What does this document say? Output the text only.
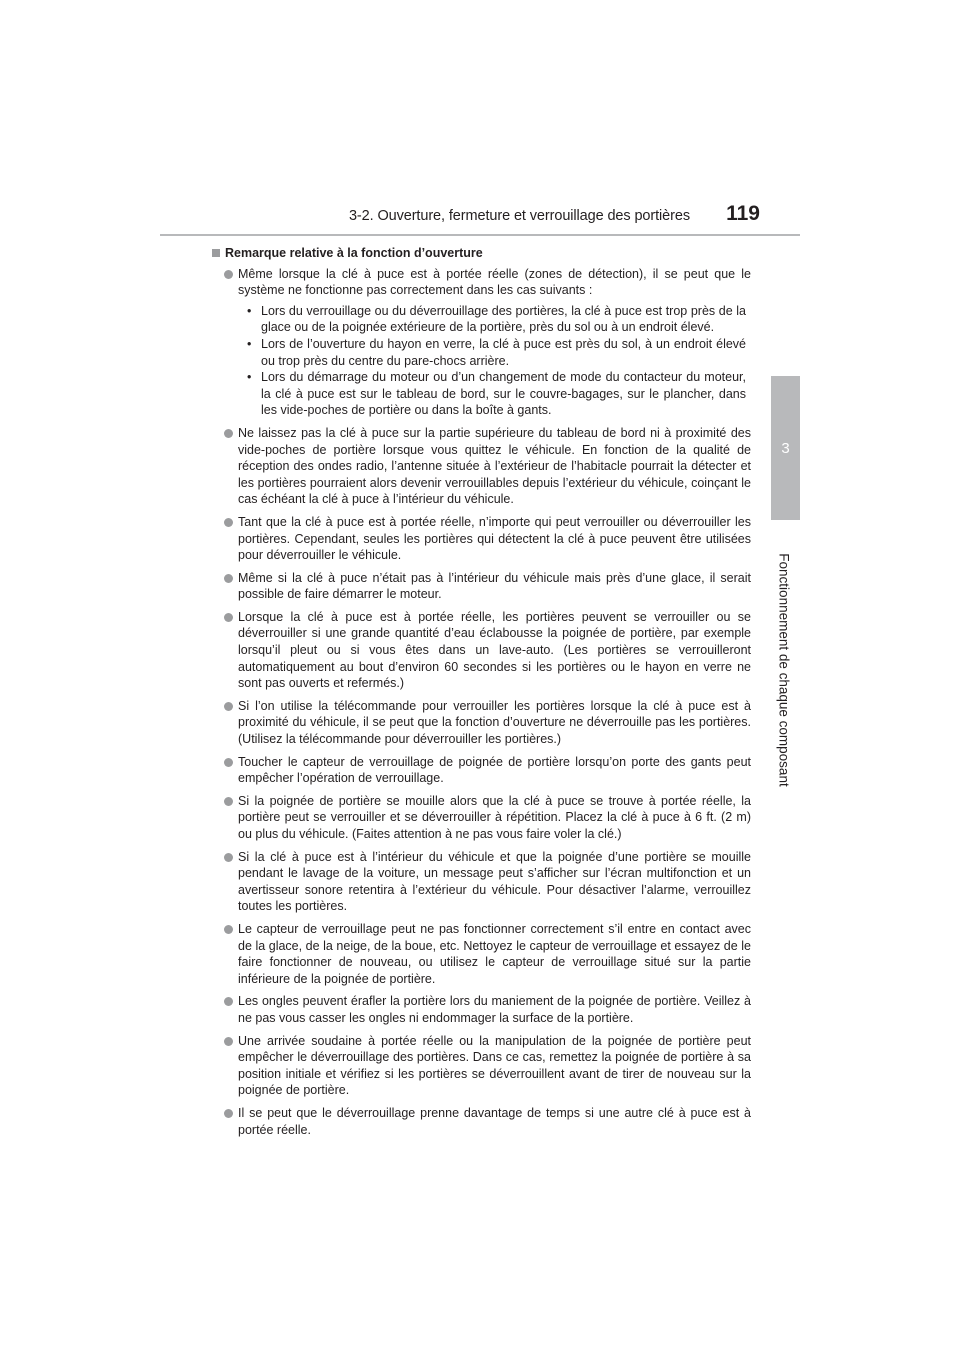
3-2. Ouverture, fermeture et verrouillage des portières 119
3
Fonctionnement de chaque composant
Remarque relative à la fonction d’ouverture
Même lorsque la clé à puce est à portée réelle (zones de détection), il se peut que le système ne fonctionne pas correctement dans les cas suivants :
• Lors du verrouillage ou du déverrouillage des portières, la clé à puce est trop près de la glace ou de la poignée extérieure de la portière, près du sol ou à un endroit élevé.
• Lors de l’ouverture du hayon en verre, la clé à puce est près du sol, à un endroit élevé ou trop près du centre du pare-chocs arrière.
• Lors du démarrage du moteur ou d’un changement de mode du contacteur du moteur, la clé à puce est sur le tableau de bord, sur le couvre-bagages, sur le plancher, dans les vide-poches de portière ou dans la boîte à gants.
Ne laissez pas la clé à puce sur la partie supérieure du tableau de bord ni à proximité des vide-poches de portière lorsque vous quittez le véhicule. En fonction de la qualité de réception des ondes radio, l’antenne située à l’extérieur de l’habitacle pourrait la détecter et les portières pourraient alors devenir verrouillables depuis l’extérieur du véhicule, coinçant le cas échéant la clé à puce à l’intérieur du véhicule.
Tant que la clé à puce est à portée réelle, n’importe qui peut verrouiller ou déverrouiller les portières. Cependant, seules les portières qui détectent la clé à puce peuvent être utilisées pour déverrouiller le véhicule.
Même si la clé à puce n’était pas à l’intérieur du véhicule mais près d’une glace, il serait possible de faire démarrer le moteur.
Lorsque la clé à puce est à portée réelle, les portières peuvent se verrouiller ou se déverrouiller si une grande quantité d’eau éclabousse la poignée de portière, par exemple lorsqu’il pleut ou si vous êtes dans un lave-auto. (Les portières se verrouilleront automatiquement au bout d’environ 60 secondes si les portières ou le hayon en verre ne sont pas ouverts et refermés.)
Si l’on utilise la télécommande pour verrouiller les portières lorsque la clé à puce est à proximité du véhicule, il se peut que la fonction d’ouverture ne déverrouille pas les portières. (Utilisez la télécommande pour déverrouiller les portières.)
Toucher le capteur de verrouillage de poignée de portière lorsqu’on porte des gants peut empêcher l’opération de verrouillage.
Si la poignée de portière se mouille alors que la clé à puce se trouve à portée réelle, la portière peut se verrouiller et se déverrouiller à répétition. Placez la clé à puce à 6 ft. (2 m) ou plus du véhicule. (Faites attention à ne pas vous faire voler la clé.)
Si la clé à puce est à l’intérieur du véhicule et que la poignée d’une portière se mouille pendant le lavage de la voiture, un message peut s’afficher sur l’écran multifonction et un avertisseur sonore retentira à l’extérieur du véhicule. Pour désactiver l’alarme, verrouillez toutes les portières.
Le capteur de verrouillage peut ne pas fonctionner correctement s’il entre en contact avec de la glace, de la neige, de la boue, etc. Nettoyez le capteur de verrouillage et essayez de le faire fonctionner de nouveau, ou utilisez le capteur de verrouillage situé sur la partie inférieure de la poignée de portière.
Les ongles peuvent érafler la portière lors du maniement de la poignée de portière. Veillez à ne pas vous casser les ongles ni endommager la surface de la portière.
Une arrivée soudaine à portée réelle ou la manipulation de la poignée de portière peut empêcher le déverrouillage des portières. Dans ce cas, remettez la poignée de portière à sa position initiale et vérifiez si les portières se déverrouillent avant de tirer de nouveau sur la poignée de portière.
Il se peut que le déverrouillage prenne davantage de temps si une autre clé à puce est à portée réelle.
